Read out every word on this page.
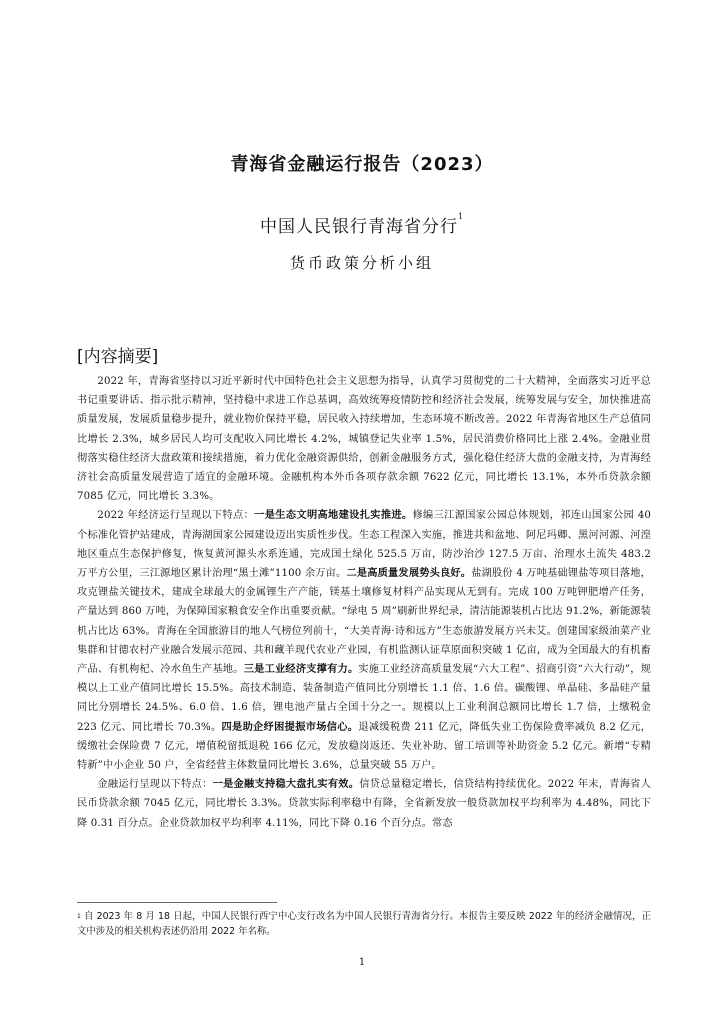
青海省金融运行报告（2023）
中国人民银行青海省分行$^1$
货币政策分析小组
[内容摘要]

2022 年，青海省坚持以习近平新时代中国特色社会主义思想为指导，认真学习贯彻党的二十大精神，全面落实习近平总书记重要讲话、指示批示精神，坚持稳中求进工作总基调，高效统筹疫情防控和经济社会发展，统筹发展与安全，加快推进高质量发展，发展质量稳步提升，就业物价保持平稳，居民收入持续增加，生态环境不断改善。2022 年青海省地区生产总值同比增长 2.3%，城乡居民人均可支配收入同比增长 4.2%，城镇登记失业率 1.5%，居民消费价格同比上涨 2.4%。金融业贯彻落实稳住经济大盘政策和接续措施，着力优化金融资源供给，创新金融服务方式，强化稳住经济大盘的金融支持，为青海经济社会高质量发展营造了适宜的金融环境。金融机构本外币各项存款余额 7622 亿元，同比增长 13.1%，本外币贷款余额 7085 亿元，同比增长 3.3%。

2022 年经济运行呈现以下特点：一是生态文明高地建设扎实推进。修编三江源国家公园总体规划，祁连山国家公园 40 个标准化管护站建成，青海湖国家公园建设迈出实质性步伐。生态工程深入实施，推进共和盆地、阿尼玛卿、黑河河源、河湟地区重点生态保护修复，恢复黄河源头水系连通，完成国土绿化 525.5 万亩，防沙治沙 127.5 万亩、治理水土流失 483.2 万平方公里，三江源地区累计治理“黑土滩”1100 余万亩。二是高质量发展势头良好。盐湖股份 4 万吨基础锂盐等项目落地，攻克锂盐关键技术，建成全球最大的金属锂生产产能，镁基土壤修复材料产品实现从无到有。完成 100 万吨钾肥增产任务，产量达到 860 万吨，为保障国家粮食安全作出重要贡献。“绿电 5 周”刷新世界纪录，清洁能源装机占比达 91.2%，新能源装机占比达 63%。青海在全国旅游目的地人气榜位列前十，“大美青海·诗和远方”生态旅游发展方兴未艾。创建国家级油菜产业集群和甘德农村产业融合发展示范园、共和藏羊现代农业产业园，有机监测认证草原面积突破 1 亿亩，成为全国最大的有机畜产品、有机枸杞、冷水鱼生产基地。三是工业经济支撑有力。实施工业经济高质量发展“六大工程”、招商引资“六大行动”，规模以上工业产值同比增长 15.5%。高技术制造、装备制造产值同比分别增长 1.1 倍、1.6 倍。碳酸锂、单晶硅、多晶硅产量同比分别增长 24.5%、6.0 倍、1.6 倍，锂电池产量占全国十分之一。规模以上工业利润总额同比增长 1.7 倍，上缴税金 223 亿元、同比增长 70.3%。四是助企纾困提振市场信心。退减缓税费 211 亿元，降低失业工伤保险费率减负 8.2 亿元，缓缴社会保险费 7 亿元，增值税留抵退税 166 亿元，发放稳岗返还、失业补助、留工培训等补助资金 5.2 亿元。新增“专精特新”中小企业 50 户，全省经营主体数量同比增长 3.6%，总量突破 55 万户。

金融运行呈现以下特点：一是金融支持稳大盘扎实有效。信贷总量稳定增长，信贷结构持续优化。2022 年末，青海省人民币贷款余额 7045 亿元，同比增长 3.3%。贷款实际利率稳中有降，全省新发放一般贷款加权平均利率为 4.48%，同比下降 0.31 百分点。企业贷款加权平均利率 4.11%，同比下降 0.16 个百分点。常态

$^1$ 自 2023 年 8 月 18 日起，中国人民银行西宁中心支行改名为中国人民银行青海省分行。本报告主要反映 2022 年的经济金融情况，正文中涉及的相关机构表述仍沿用 2022 年名称。
1
